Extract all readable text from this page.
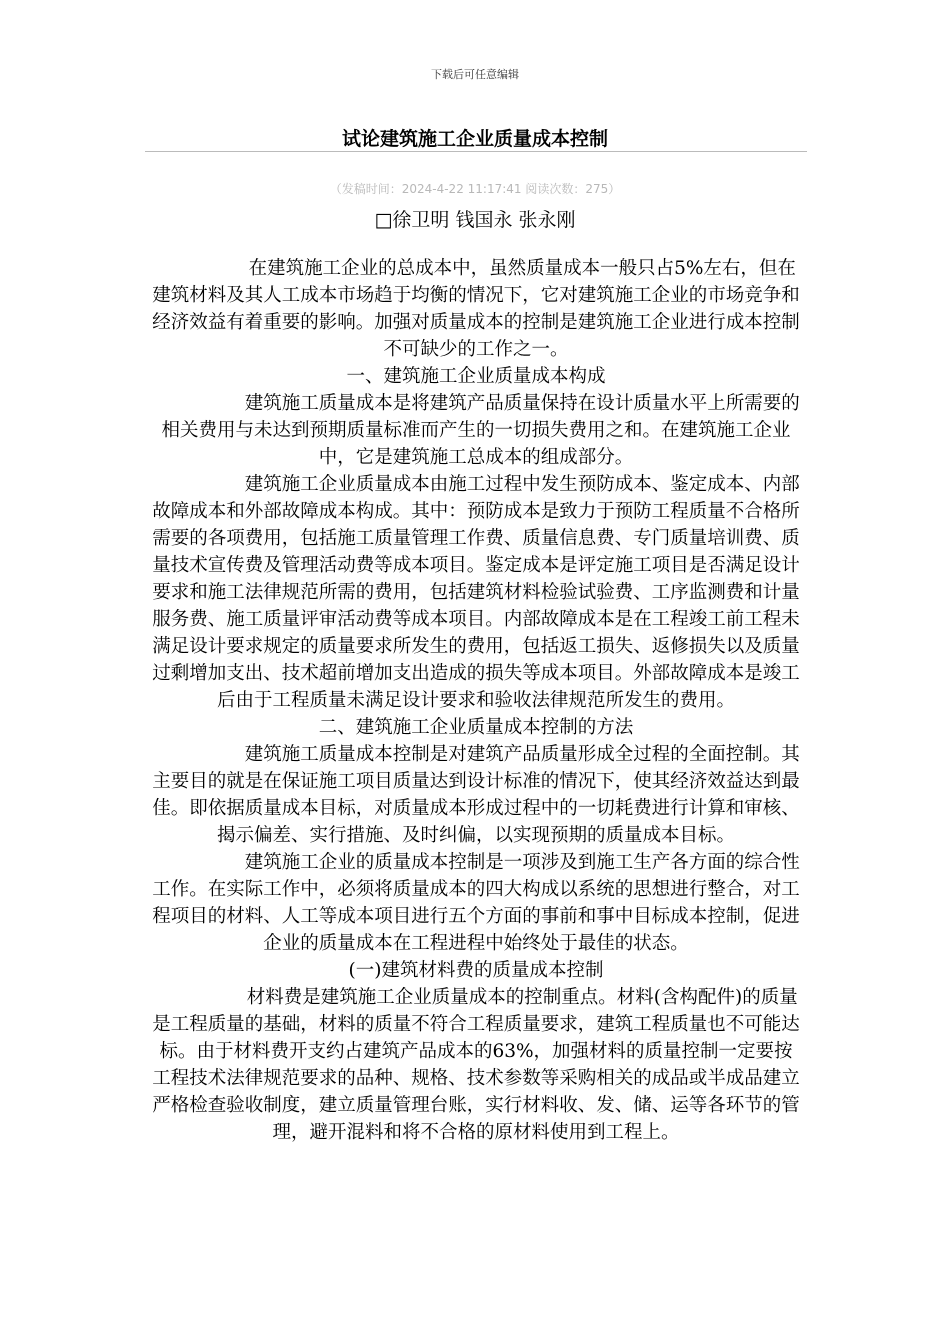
下载后可任意编辑
试论建筑施工企业质量成本控制
（发稿时间：2024-4-22 11:17:41 阅读次数：275）
□徐卫明 钱国永 张永刚

　　　　　在建筑施工企业的总成本中，虽然质量成本一般只占5%左右，但在建筑材料及其人工成本市场趋于均衡的情况下，它对建筑施工企业的市场竞争和经济效益有着重要的影响。加强对质量成本的控制是建筑施工企业进行成本控制不可缺少的工作之一。

一、建筑施工企业质量成本构成

　　　　　建筑施工质量成本是将建筑产品质量保持在设计质量水平上所需要的相关费用与未达到预期质量标准而产生的一切损失费用之和。在建筑施工企业中，它是建筑施工总成本的组成部分。

　　　　　建筑施工企业质量成本由施工过程中发生预防成本、鉴定成本、内部故障成本和外部故障成本构成。其中：预防成本是致力于预防工程质量不合格所需要的各项费用，包括施工质量管理工作费、质量信息费、专门质量培训费、质量技术宣传费及管理活动费等成本项目。鉴定成本是评定施工项目是否满足设计要求和施工法律规范所需的费用，包括建筑材料检验试验费、工序监测费和计量服务费、施工质量评审活动费等成本项目。内部故障成本是在工程竣工前工程未满足设计要求规定的质量要求所发生的费用，包括返工损失、返修损失以及质量过剩增加支出、技术超前增加支出造成的损失等成本项目。外部故障成本是竣工后由于工程质量未满足设计要求和验收法律规范所发生的费用。

二、建筑施工企业质量成本控制的方法

　　　　　建筑施工质量成本控制是对建筑产品质量形成全过程的全面控制。其主要目的就是在保证施工项目质量达到设计标准的情况下，使其经济效益达到最佳。即依据质量成本目标，对质量成本形成过程中的一切耗费进行计算和审核、揭示偏差、实行措施、及时纠偏，以实现预期的质量成本目标。

　　　　　建筑施工企业的质量成本控制是一项涉及到施工生产各方面的综合性工作。在实际工作中，必须将质量成本的四大构成以系统的思想进行整合，对工程项目的材料、人工等成本项目进行五个方面的事前和事中目标成本控制，促进企业的质量成本在工程进程中始终处于最佳的状态。

(一)建筑材料费的质量成本控制

　　　　　材料费是建筑施工企业质量成本的控制重点。材料(含构配件)的质量是工程质量的基础，材料的质量不符合工程质量要求，建筑工程质量也不可能达标。由于材料费开支约占建筑产品成本的63%，加强材料的质量控制一定要按工程技术法律规范要求的品种、规格、技术参数等采购相关的成品或半成品建立严格检查验收制度，建立质量管理台账，实行材料收、发、储、运等各环节的管理，避开混料和将不合格的原材料使用到工程上。
